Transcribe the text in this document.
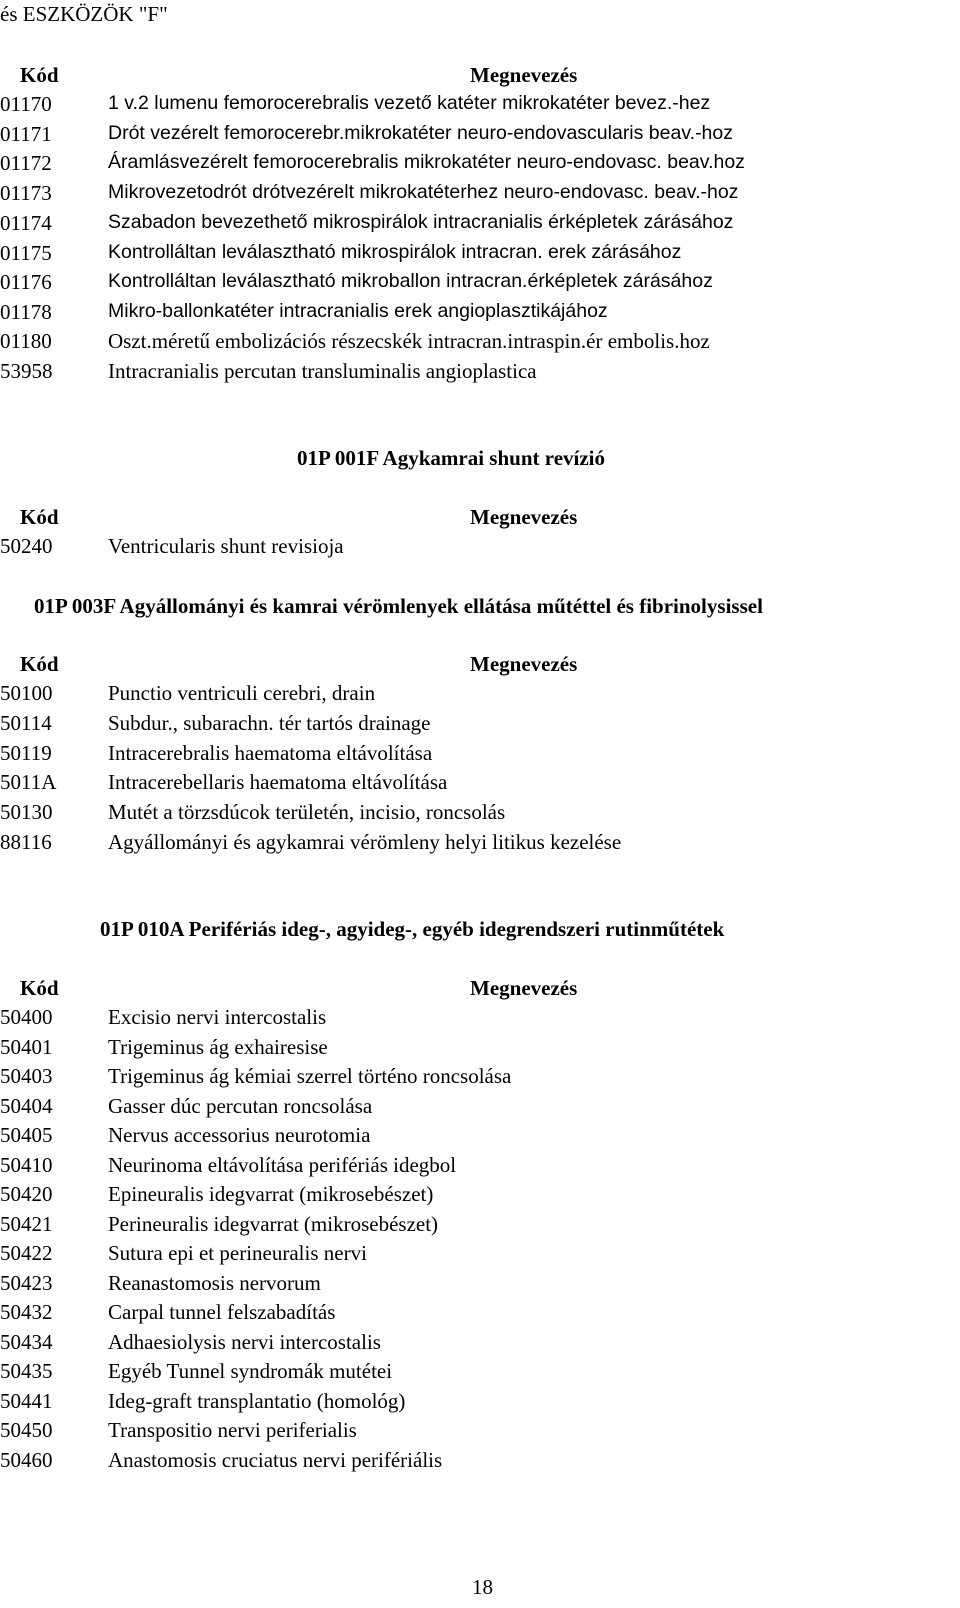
és ESZKÖZÖK "F"
Kód	Megnevezés
01170	1 v.2 lumenu femorocerebralis vezető katéter mikrokatéter bevez.-hez
01171	Drót vezérelt femorocerebr.mikrokatéter neuro-endovascularis beav.-hoz
01172	Áramlásvezérelt femorocerebralis mikrokatéter neuro-endovasc. beav.hoz
01173	Mikrovezetodrót drótvezérelt mikrokatéterhez neuro-endovasc. beav.-hoz
01174	Szabadon bevezethető mikrospirálok intracranialis érképletek zárásához
01175	Kontrolláltan leválasztható mikrospirálok intracran. erek zárásához
01176	Kontrolláltan leválasztható mikroballon intracran.érképletek zárásához
01178	Mikro-ballonkatéter intracranialis erek angioplasztikájához
01180	Oszt.méretű embolizációs részecskék intracran.intraspin.ér embolis.hoz
53958	Intracranialis percutan transluminalis angioplastica
01P 001F Agykamrai shunt revízió
Kód	Megnevezés
50240	Ventricularis shunt revisioja
01P 003F Agyállományi és kamrai vérömlenyek ellátása műtéttel és fibrinolysissel
Kód	Megnevezés
50100	Punctio ventriculi cerebri, drain
50114	Subdur., subarachn. tér tartós drainage
50119	Intracerebralis haematoma eltávolítása
5011A Intracerebellaris haematoma eltávolítása
50130	Mutét a törzsdúcok területén, incisio, roncsolás
88116	Agyállományi és agykamrai vérömleny helyi litikus kezelése
01P 010A Perifériás ideg-, agyideg-, egyéb idegrendszeri rutinműtétek
Kód	Megnevezés
50400	Excisio nervi intercostalis
50401	Trigeminus ág exhairesise
50403	Trigeminus ág kémiai szerrel történo roncsolása
50404	Gasser dúc percutan roncsolása
50405	Nervus accessorius neurotomia
50410	Neurinoma eltávolítása perifériás idegbol
50420	Epineuralis idegvarrat (mikrosebészet)
50421	Perineuralis idegvarrat (mikrosebészet)
50422	Sutura epi et perineuralis nervi
50423	Reanastomosis nervorum
50432	Carpal tunnel felszabadítás
50434	Adhaesiolysis nervi intercostalis
50435	Egyéb Tunnel syndromák mutétei
50441	Ideg-graft transplantatio (homológ)
50450	Transpositio nervi periferialis
50460	Anastomosis cruciatus nervi perifériális
18
